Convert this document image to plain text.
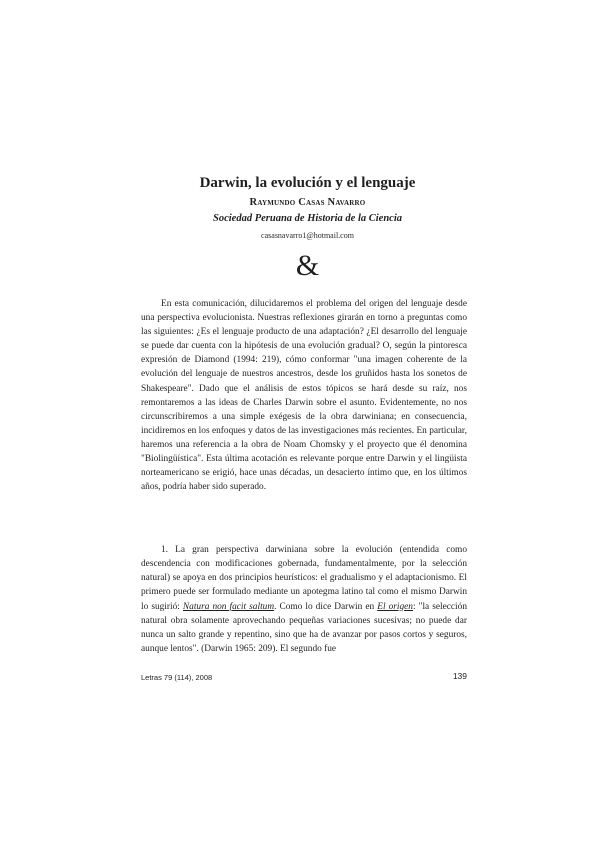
Darwin, la evolución y el lenguaje
Raymundo Casas Navarro
Sociedad Peruana de Historia de la Ciencia
casasnavarro1@hotmail.com
&

En esta comunicación, dilucidaremos el problema del origen del lenguaje desde una perspectiva evolucionista. Nuestras reflexiones girarán en torno a preguntas como las siguientes: ¿Es el lenguaje producto de una adaptación? ¿El desarrollo del lenguaje se puede dar cuenta con la hipótesis de una evolución gradual? O, según la pintoresca expresión de Diamond (1994: 219), cómo conformar "una imagen coherente de la evolución del lenguaje de nuestros ancestros, desde los gruñidos hasta los sonetos de Shakespeare". Dado que el análisis de estos tópicos se hará desde su raíz, nos remontaremos a las ideas de Charles Darwin sobre el asunto. Evidentemente, no nos circunscribiremos a una simple exégesis de la obra darwiniana; en consecuencia, incidiremos en los enfoques y datos de las investigaciones más recientes. En particular, haremos una referencia a la obra de Noam Chomsky y el proyecto que él denomina "Biolingüística". Esta última acotación es relevante porque entre Darwin y el lingüista norteamericano se erigió, hace unas décadas, un desacierto íntimo que, en los últimos años, podría haber sido superado.

1. La gran perspectiva darwiniana sobre la evolución (entendida como descendencia con modificaciones gobernada, fundamentalmente, por la selección natural) se apoya en dos principios heurísticos: el gradualismo y el adaptacionismo. El primero puede ser formulado mediante un apotegma latino tal como el mismo Darwin lo sugirió: Natura non facit saltum. Como lo dice Darwin en El origen: "la selección natural obra solamente aprovechando pequeñas variaciones sucesivas; no puede dar nunca un salto grande y repentino, sino que ha de avanzar por pasos cortos y seguros, aunque lentos". (Darwin 1965: 209). El segundo fue

Letras 79 (114), 2008	139
